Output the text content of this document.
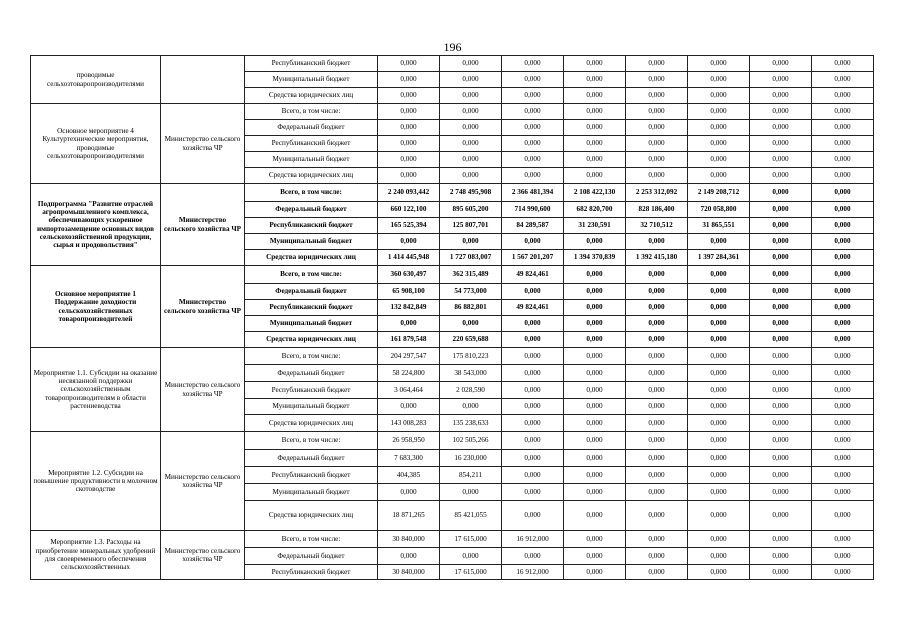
196
проводимые сельхозтоваропроизводителями		Республиканский бюджет	0,000	0,000	0,000	0,000	0,000	0,000	0,000	0,000
		Муниципальный бюджет	0,000	0,000	0,000	0,000	0,000	0,000	0,000	0,000
		Средства юридических лиц	0,000	0,000	0,000	0,000	0,000	0,000	0,000	0,000
Основное мероприятие 4 Культуртехнические мероприятия, проводимые сельхозтоваропроизводителями	Министерство сельского хозяйства ЧР	Всего, в том числе:	0,000	0,000	0,000	0,000	0,000	0,000	0,000	0,000
		Федеральный бюджет	0,000	0,000	0,000	0,000	0,000	0,000	0,000	0,000
		Республиканский бюджет	0,000	0,000	0,000	0,000	0,000	0,000	0,000	0,000
		Муниципальный бюджет	0,000	0,000	0,000	0,000	0,000	0,000	0,000	0,000
		Средства юридических лиц	0,000	0,000	0,000	0,000	0,000	0,000	0,000	0,000
Подпрограмма "Развитие отраслей агропромышленного комплекса, обеспечивающих ускоренное импортозамещение основных видов сельскохозяйственной продукции, сырья и продовольствия"	Министерство сельского хозяйства ЧР	Всего, в том числе:	2 240 093,442	2 748 495,908	2 366 481,394	2 108 422,130	2 253 312,092	2 149 208,712	0,000	0,000
		Федеральный бюджет	660 122,100	895 605,200	714 990,600	682 820,700	828 186,400	720 058,800	0,000	0,000
		Республиканский бюджет	165 525,394	125 807,701	84 289,587	31 230,591	32 710,512	31 865,551	0,000	0,000
		Муниципальный бюджет	0,000	0,000	0,000	0,000	0,000	0,000	0,000	0,000
		Средства юридических лиц	1 414 445,948	1 727 083,007	1 567 201,207	1 394 370,839	1 392 415,180	1 397 284,361	0,000	0,000
Основное мероприятие 1 Поддержание доходности сельскохозяйственных товаропроизводителей	Министерство сельского хозяйства ЧР	Всего, в том числе:	360 630,497	362 315,489	49 824,461	0,000	0,000	0,000	0,000	0,000
		Федеральный бюджет	65 908,100	54 773,000	0,000	0,000	0,000	0,000	0,000	0,000
		Республиканский бюджет	132 842,849	86 882,801	49 824,461	0,000	0,000	0,000	0,000	0,000
		Муниципальный бюджет	0,000	0,000	0,000	0,000	0,000	0,000	0,000	0,000
		Средства юридических лиц	161 879,548	220 659,688	0,000	0,000	0,000	0,000	0,000	0,000
Мероприятие 1.1. Субсидии на оказание несвязанной поддержки сельскохозяйственным товаропроизводителям в области растениеводства	Министерство сельского хозяйства ЧР	Всего, в том числе:	204 297,547	175 810,223	0,000	0,000	0,000	0,000	0,000	0,000
		Федеральный бюджет	58 224,800	38 543,000	0,000	0,000	0,000	0,000	0,000	0,000
		Республиканский бюджет	3 064,464	2 028,590	0,000	0,000	0,000	0,000	0,000	0,000
		Муниципальный бюджет	0,000	0,000	0,000	0,000	0,000	0,000	0,000	0,000
		Средства юридических лиц	143 008,283	135 238,633	0,000	0,000	0,000	0,000	0,000	0,000
Мероприятие 1.2. Субсидии на повышение продуктивности в молочном скотоводстве	Министерство сельского хозяйства ЧР	Всего, в том числе:	26 958,950	102 505,266	0,000	0,000	0,000	0,000	0,000	0,000
		Федеральный бюджет	7 683,300	16 230,000	0,000	0,000	0,000	0,000	0,000	0,000
		Республиканский бюджет	404,385	854,211	0,000	0,000	0,000	0,000	0,000	0,000
		Муниципальный бюджет	0,000	0,000	0,000	0,000	0,000	0,000	0,000	0,000
		Средства юридических лиц	18 871,265	85 421,055	0,000	0,000	0,000	0,000	0,000	0,000
Мероприятие 1.3. Расходы на приобретение минеральных удобрений для своевременного обеспечения сельскохозяйственных	Министерство сельского хозяйства ЧР	Всего, в том числе:	30 840,000	17 615,000	16 912,000	0,000	0,000	0,000	0,000	0,000
		Федеральный бюджет	0,000	0,000	0,000	0,000	0,000	0,000	0,000	0,000
		Республиканский бюджет	30 840,000	17 615,000	16 912,000	0,000	0,000	0,000	0,000	0,000
